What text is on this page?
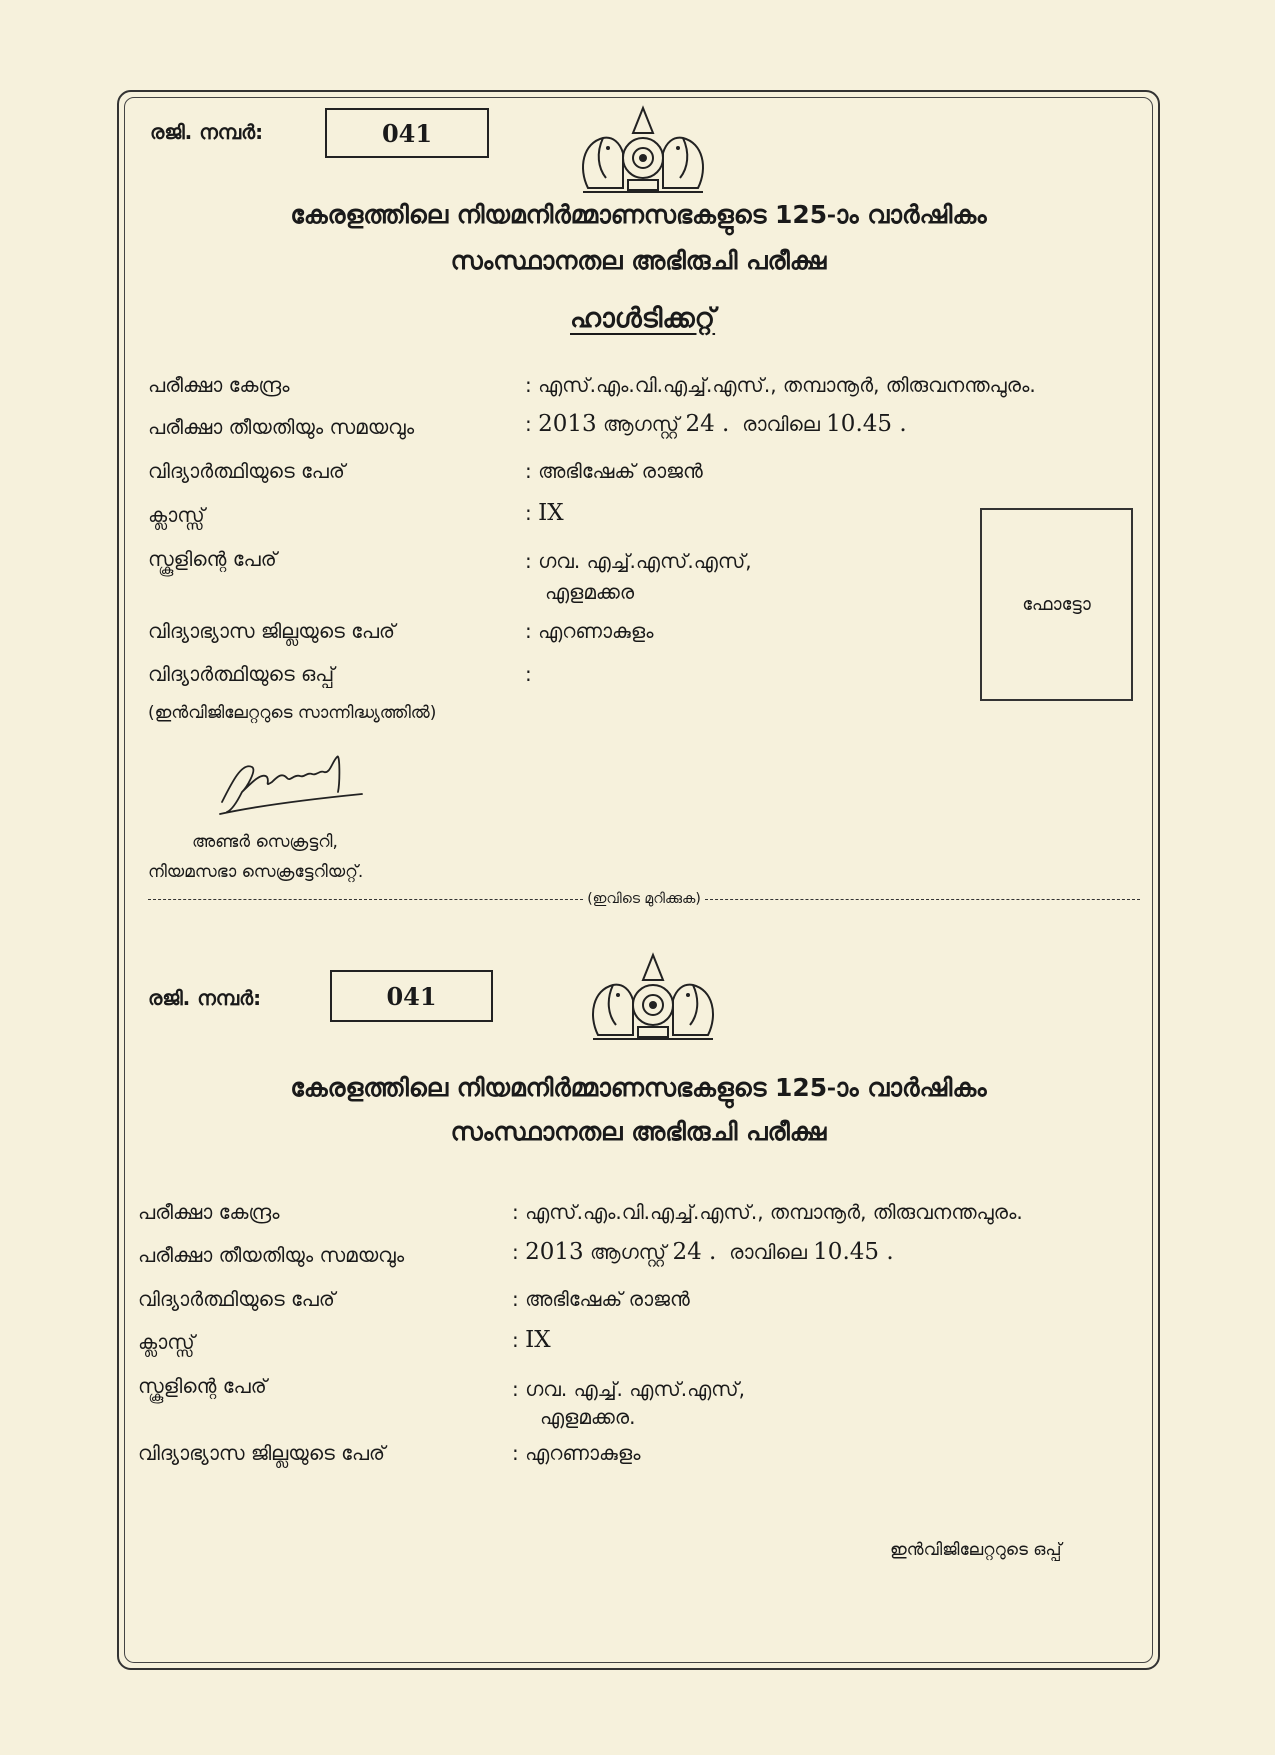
രജി. നമ്പർ:	041
കേരളത്തിലെ നിയമനിർമ്മാണസഭകളുടെ 125-ാം വാർഷികം
സംസ്ഥാനതല അഭിരുചി പരീക്ഷ
ഹാൾടിക്കറ്റ്
പരീക്ഷാ കേന്ദ്രം	: എസ്.എം.വി.എച്ച്.എസ്., തമ്പാനൂർ, തിരുവനന്തപുരം.
പരീക്ഷാ തീയതിയും സമയവും	: 2013 ആഗസ്റ്റ് 24 . രാവിലെ 10.45 .
വിദ്യാർത്ഥിയുടെ പേര്	: അഭിഷേക് രാജൻ
ക്ലാസ്സ്	: IX
സ്കൂളിന്റെ പേര്	: ഗവ. എച്ച്.എസ്.എസ്,
എളമക്കര
വിദ്യാഭ്യാസ ജില്ലയുടെ പേര്	: എറണാകുളം
വിദ്യാർത്ഥിയുടെ ഒപ്പ്	:
(ഇൻവിജിലേറ്ററുടെ സാന്നിദ്ധ്യത്തിൽ)
ഫോട്ടോ
അണ്ടർ സെക്രട്ടറി,
നിയമസഭാ സെക്രട്ടേറിയറ്റ്.
(ഇവിടെ മുറിക്കുക)
രജി. നമ്പർ:	041
കേരളത്തിലെ നിയമനിർമ്മാണസഭകളുടെ 125-ാം വാർഷികം
സംസ്ഥാനതല അഭിരുചി പരീക്ഷ
പരീക്ഷാ കേന്ദ്രം	: എസ്.എം.വി.എച്ച്.എസ്., തമ്പാനൂർ, തിരുവനന്തപുരം.
പരീക്ഷാ തീയതിയും സമയവും	: 2013 ആഗസ്റ്റ് 24 . രാവിലെ 10.45 .
വിദ്യാർത്ഥിയുടെ പേര്	: അഭിഷേക് രാജൻ
ക്ലാസ്സ്	: IX
സ്കൂളിന്റെ പേര്	: ഗവ. എച്ച്. എസ്.എസ്,
എളമക്കര.
വിദ്യാഭ്യാസ ജില്ലയുടെ പേര്	: എറണാകുളം
ഇൻവിജിലേറ്ററുടെ ഒപ്പ്
